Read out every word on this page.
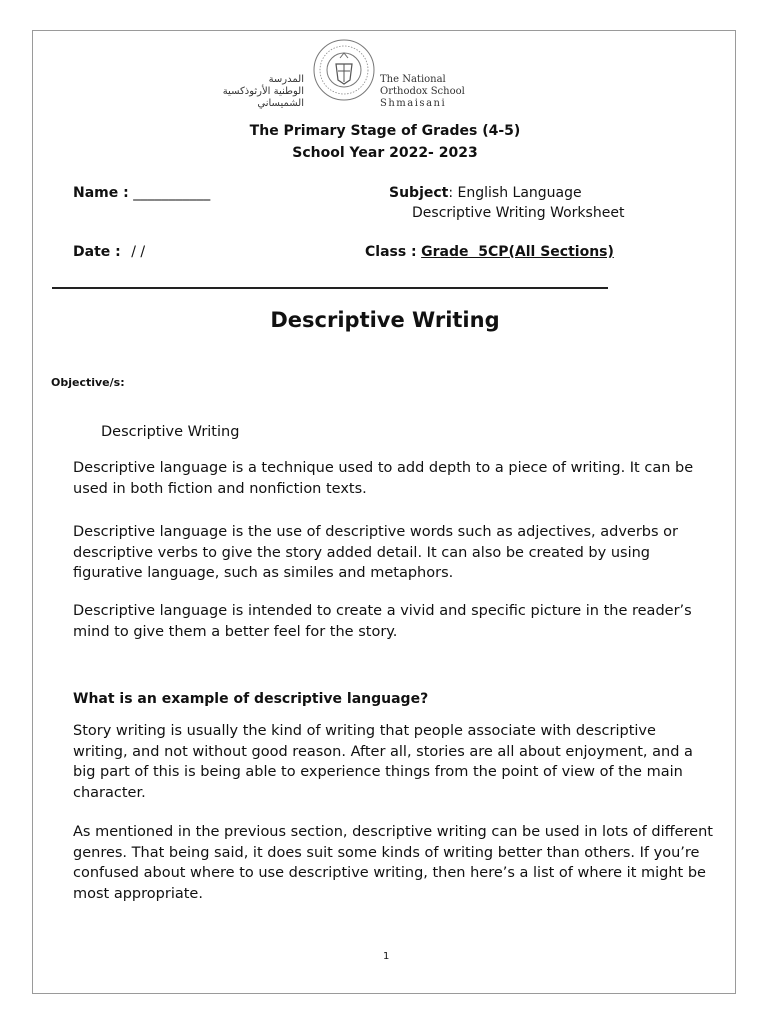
المدرسة
الوطنية الأرثوذكسية
الشميساني
The National
Orthodox School
Shmaisani
The Primary Stage of Grades (4-5)
School Year 2022- 2023
Name : ___________	Subject: English Language
Descriptive Writing Worksheet
Date : / /	Class : Grade  5CP(All Sections)
Descriptive Writing
Objective/s:
Descriptive Writing

Descriptive language is a technique used to add depth to a piece of writing. It can be used in both fiction and nonfiction texts.

Descriptive language is the use of descriptive words such as adjectives, adverbs or descriptive verbs to give the story added detail. It can also be created by using figurative language, such as similes and metaphors.

Descriptive language is intended to create a vivid and specific picture in the reader’s mind to give them a better feel for the story.

What is an example of descriptive language?

Story writing is usually the kind of writing that people associate with descriptive writing, and not without good reason. After all, stories are all about enjoyment, and a big part of this is being able to experience things from the point of view of the main character.

As mentioned in the previous section, descriptive writing can be used in lots of different genres. That being said, it does suit some kinds of writing better than others. If you’re confused about where to use descriptive writing, then here’s a list of where it might be most appropriate.

1
